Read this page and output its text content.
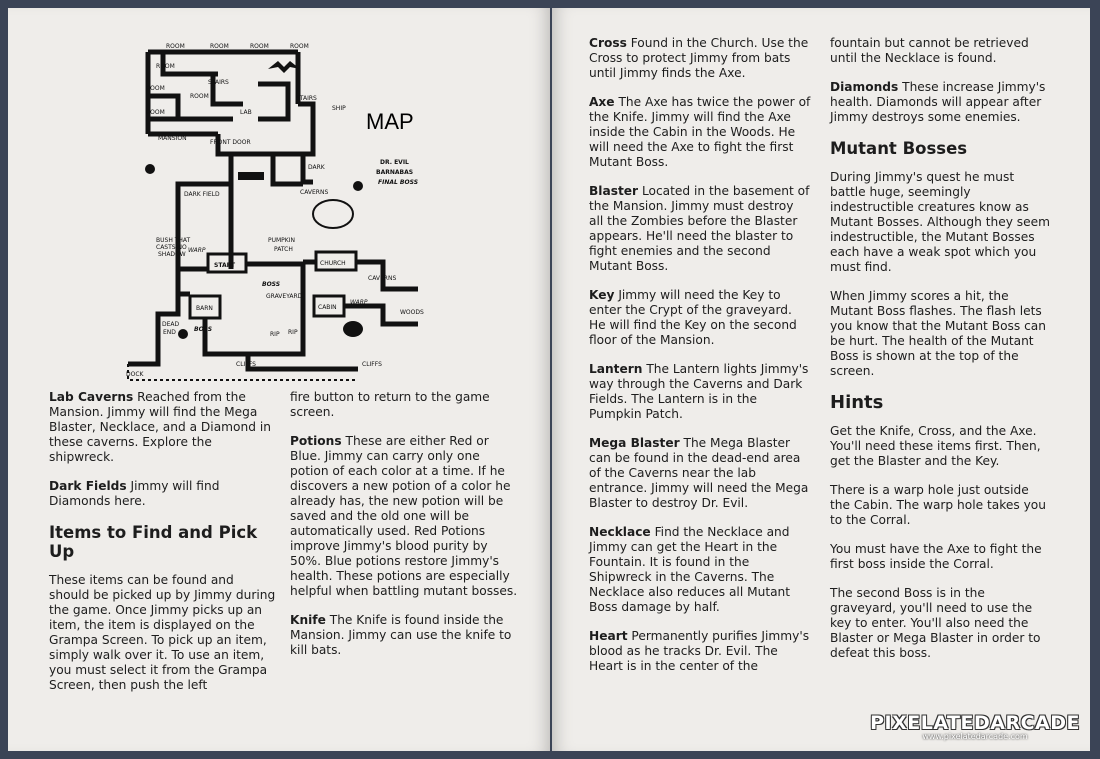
ROOM	ROOM	ROOM	ROOM
ROOM
ROOM
ROOM
ROOM
STAIRS
STAIRS
LAB
SHIP
MAP
MANSION
FRONT DOOR
DARK FIELD
DARK
CAVERNS
DR. EVIL
BARNABAS
FINAL BOSS
BUSH THAT
CASTS NO
SHADOW
WARP
START
PUMPKIN
PATCH
CHURCH
CAVERNS
BOSS
GRAVEYARD
CABIN
WARP
WOODS
BARN
BOSS
DEAD
END	RIP RIP
CLIFFS	CLIFFS
DOCK

Lab Caverns Reached from the Mansion. Jimmy will find the Mega Blaster, Necklace, and a Diamond in these caverns. Explore the shipwreck.

Dark Fields Jimmy will find Diamonds here.

Items to Find and Pick Up

These items can be found and should be picked up by Jimmy during the game. Once Jimmy picks up an item, the item is displayed on the Grampa Screen. To pick up an item, simply walk over it. To use an item, you must select it from the Grampa Screen, then push the left

fire button to return to the game screen.

Potions These are either Red or Blue. Jimmy can carry only one potion of each color at a time. If he discovers a new potion of a color he already has, the new potion will be saved and the old one will be automatically used. Red Potions improve Jimmy's blood purity by 50%. Blue potions restore Jimmy's health. These potions are especially helpful when battling mutant bosses.

Knife The Knife is found inside the Mansion. Jimmy can use the knife to kill bats.

Cross Found in the Church. Use the Cross to protect Jimmy from bats until Jimmy finds the Axe.

Axe The Axe has twice the power of the Knife. Jimmy will find the Axe inside the Cabin in the Woods. He will need the Axe to fight the first Mutant Boss.

Blaster Located in the basement of the Mansion. Jimmy must destroy all the Zombies before the Blaster appears. He'll need the blaster to fight enemies and the second Mutant Boss.

Key Jimmy will need the Key to enter the Crypt of the graveyard. He will find the Key on the second floor of the Mansion.

Lantern The Lantern lights Jimmy's way through the Caverns and Dark Fields. The Lantern is in the Pumpkin Patch.

Mega Blaster The Mega Blaster can be found in the dead-end area of the Caverns near the lab entrance. Jimmy will need the Mega Blaster to destroy Dr. Evil.

Necklace Find the Necklace and Jimmy can get the Heart in the Fountain. It is found in the Shipwreck in the Caverns. The Necklace also reduces all Mutant Boss damage by half.

Heart Permanently purifies Jimmy's blood as he tracks Dr. Evil. The Heart is in the center of the

fountain but cannot be retrieved until the Necklace is found.

Diamonds These increase Jimmy's health. Diamonds will appear after Jimmy destroys some enemies.

Mutant Bosses

During Jimmy's quest he must battle huge, seemingly indestructible creatures know as Mutant Bosses. Although they seem indestructible, the Mutant Bosses each have a weak spot which you must find.

When Jimmy scores a hit, the Mutant Boss flashes. The flash lets you know that the Mutant Boss can be hurt. The health of the Mutant Boss is shown at the top of the screen.

Hints

Get the Knife, Cross, and the Axe. You'll need these items first. Then, get the Blaster and the Key.

There is a warp hole just outside the Cabin. The warp hole takes you to the Corral.

You must have the Axe to fight the first boss inside the Corral.

The second Boss is in the graveyard, you'll need to use the key to enter. You'll also need the Blaster or Mega Blaster in order to defeat this boss.

PIXELATEDARCADE
www.pixelatedarcade.com
